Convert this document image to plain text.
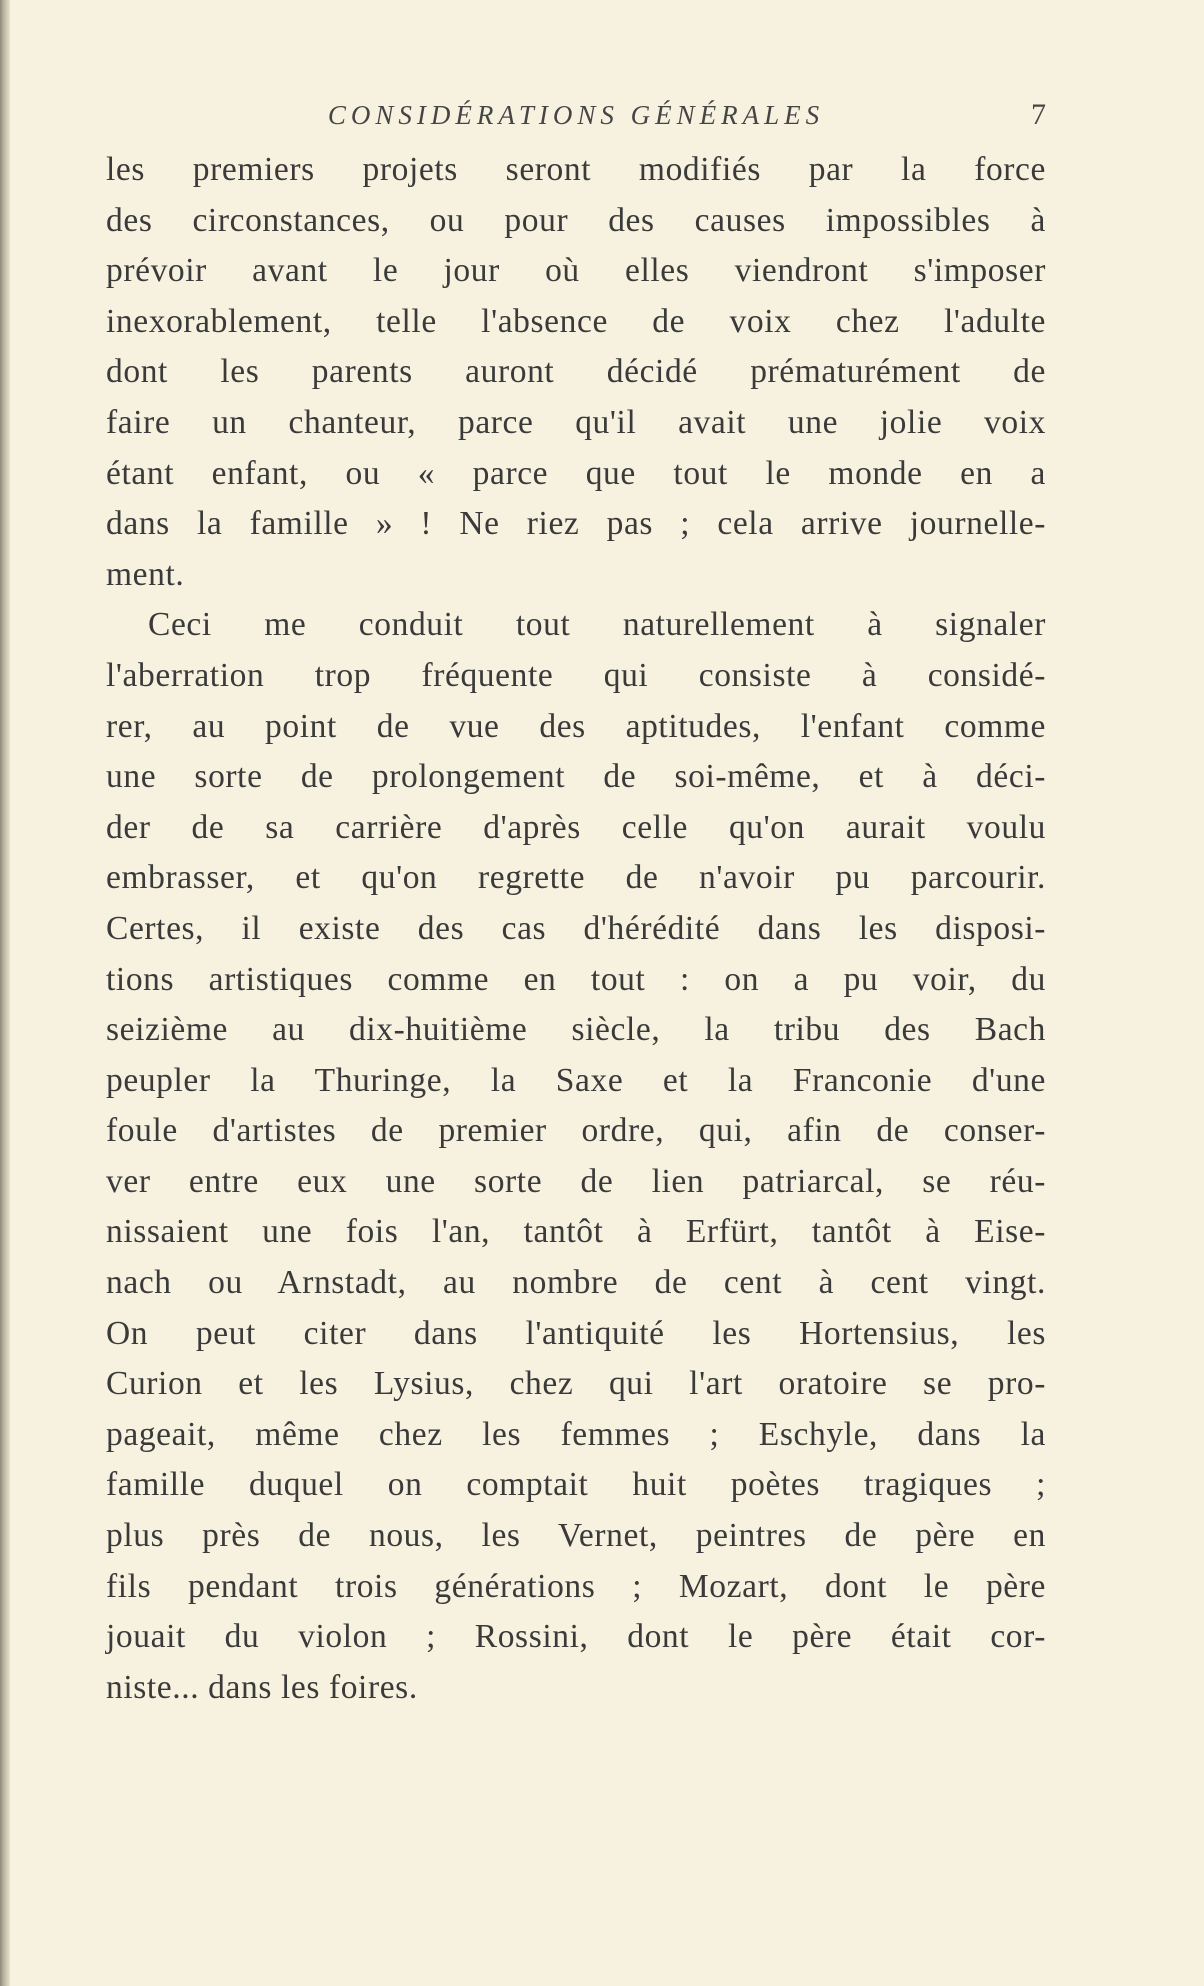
CONSIDÉRATIONS GÉNÉRALES	7

les premiers projets seront modifiés par la force
des circonstances, ou pour des causes impossibles à
prévoir avant le jour où elles viendront s'imposer
inexorablement, telle l'absence de voix chez l'adulte
dont les parents auront décidé prématurément de
faire un chanteur, parce qu'il avait une jolie voix
étant enfant, ou « parce que tout le monde en a
dans la famille » ! Ne riez pas ; cela arrive journelle-
ment.

Ceci me conduit tout naturellement à signaler
l'aberration trop fréquente qui consiste à considé-
rer, au point de vue des aptitudes, l'enfant comme
une sorte de prolongement de soi-même, et à déci-
der de sa carrière d'après celle qu'on aurait voulu
embrasser, et qu'on regrette de n'avoir pu parcourir.
Certes, il existe des cas d'hérédité dans les disposi-
tions artistiques comme en tout : on a pu voir, du
seizième au dix-huitième siècle, la tribu des Bach
peupler la Thuringe, la Saxe et la Franconie d'une
foule d'artistes de premier ordre, qui, afin de conser-
ver entre eux une sorte de lien patriarcal, se réu-
nissaient une fois l'an, tantôt à Erfürt, tantôt à Eise-
nach ou Arnstadt, au nombre de cent à cent vingt.
On peut citer dans l'antiquité les Hortensius, les
Curion et les Lysius, chez qui l'art oratoire se pro-
pageait, même chez les femmes ; Eschyle, dans la
famille duquel on comptait huit poètes tragiques ;
plus près de nous, les Vernet, peintres de père en
fils pendant trois générations ; Mozart, dont le père
jouait du violon ; Rossini, dont le père était cor-
niste... dans les foires.
